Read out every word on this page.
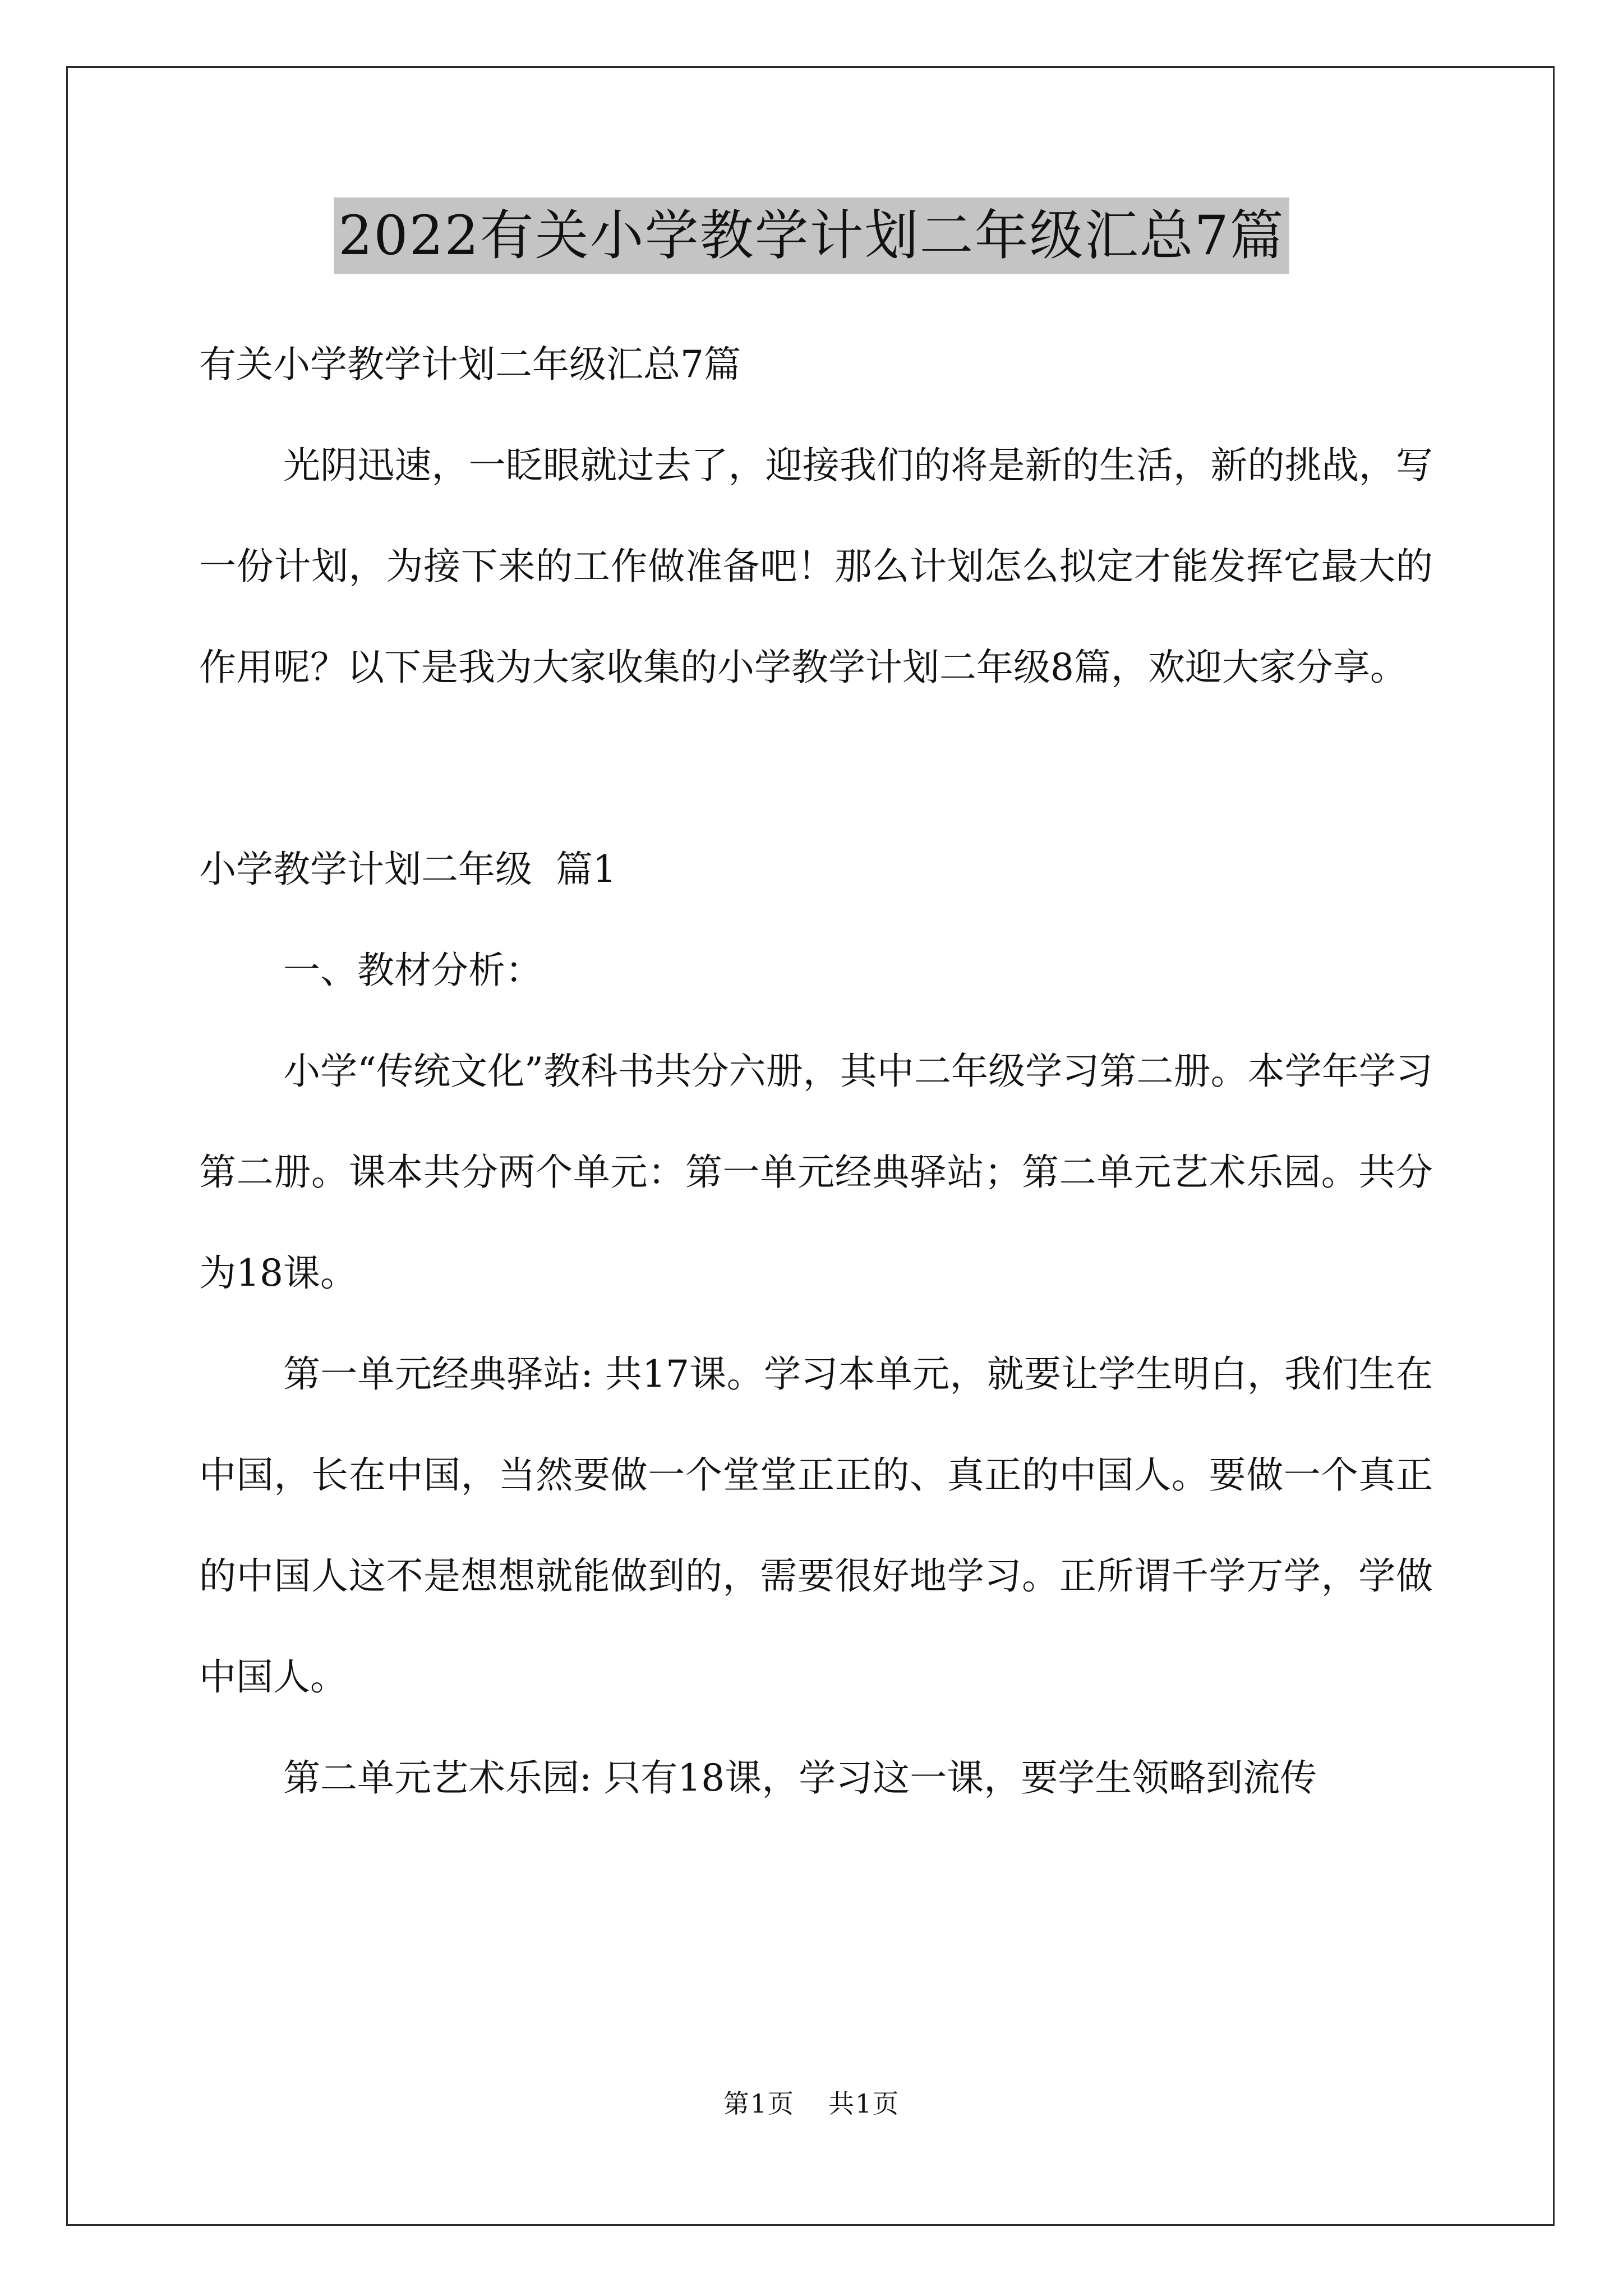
2022有关小学教学计划二年级汇总7篇

有关小学教学计划二年级汇总7篇

光阴迅速，一眨眼就过去了，迎接我们的将是新的生活，新的挑战，写一份计划，为接下来的工作做准备吧！那么计划怎么拟定才能发挥它最大的作用呢？以下是我为大家收集的小学教学计划二年级8篇，欢迎大家分享。

小学教学计划二年级  篇1

一、教材分析：

小学“传统文化”教科书共分六册，其中二年级学习第二册。本学年学习第二册。课本共分两个单元：第一单元经典驿站；第二单元艺术乐园。共分为18课。

第一单元经典驿站: 共17课。学习本单元，就要让学生明白，我们生在中国，长在中国，当然要做一个堂堂正正的、真正的中国人。要做一个真正的中国人这不是想想就能做到的，需要很好地学习。正所谓千学万学，学做中国人。

第二单元艺术乐园: 只有18课，学习这一课，要学生领略到流传

第1页 共1页
